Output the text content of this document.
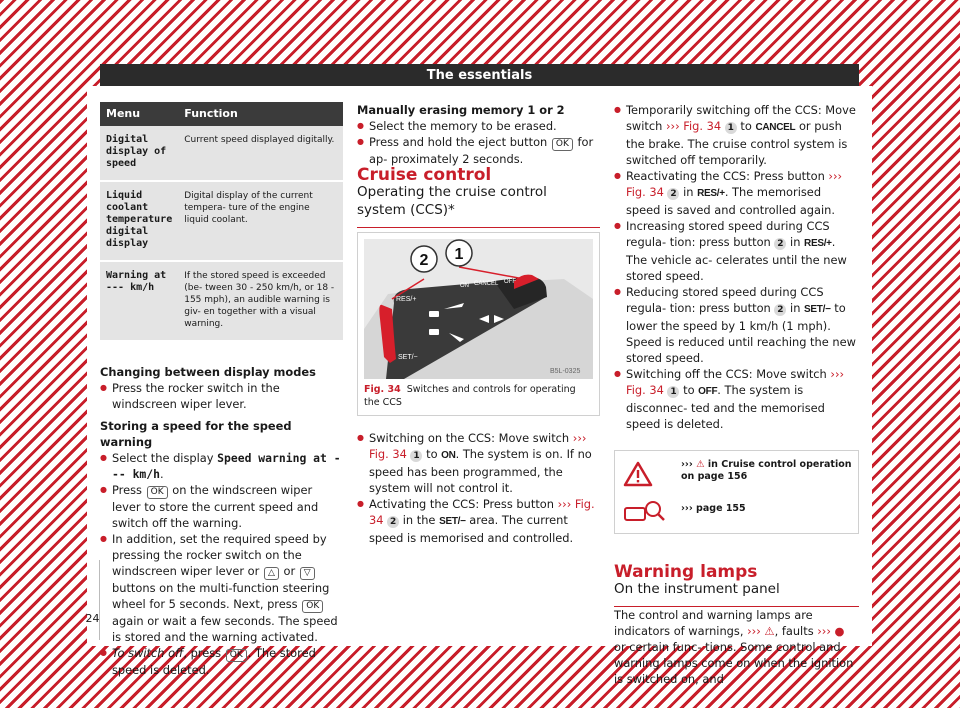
The essentials
Menu	Function
Digital display of speed	Current speed displayed digitally.
Liquid coolant temperature digital display	Digital display of the current tempera- ture of the engine liquid coolant.
Warning at --- km/h	If the stored speed is exceeded (be- tween 30 - 250 km/h, or 18 - 155 mph), an audible warning is giv- en together with a visual warning.

Changing between display modes

● Press the rocker switch in the windscreen wiper lever.

Storing a speed for the speed warning

● Select the display Speed warning at --- km/h.

● Press OK on the windscreen wiper lever to store the current speed and switch off the warning.

● In addition, set the required speed by pressing the rocker switch on the windscreen wiper lever or △ or ▽ buttons on the multi-function steering wheel for 5 seconds. Next, press OK again or wait a few seconds. The speed is stored and the warning activated.

● To switch off, press OK . The stored speed is deleted.

Manually erasing memory 1 or 2

● Select the memory to be erased.

● Press and hold the eject button OK for ap- proximately 2 seconds.

Cruise control

Operating the cruise control system (CCS)*

2 1
RES/+
SET/−
ON CANCEL OFF
B5L-0325

Fig. 34 Switches and controls for operating the CCS

● Switching on the CCS: Move switch ››› Fig. 34 1 to ON. The system is on. If no speed has been programmed, the system will not control it.

● Activating the CCS: Press button ››› Fig. 34 2 in the SET/− area. The current speed is memorised and controlled.

● Temporarily switching off the CCS: Move switch ››› Fig. 34 1 to CANCEL or push the brake. The cruise control system is switched off temporarily.

● Reactivating the CCS: Press button ››› Fig. 34 2 in RES/+. The memorised speed is saved and controlled again.

● Increasing stored speed during CCS regula- tion: press button 2 in RES/+. The vehicle ac- celerates until the new stored speed.

● Reducing stored speed during CCS regula- tion: press button 2 in SET/− to lower the speed by 1 km/h (1 mph). Speed is reduced until reaching the new stored speed.

● Switching off the CCS: Move switch ››› Fig. 34 1 to OFF. The system is disconnec- ted and the memorised speed is deleted.

››› ⚠ in Cruise control operation on page 156

››› page 155

Warning lamps

On the instrument panel

The control and warning lamps are indicators of warnings, ››› ⚠, faults ››› ● or certain func- tions. Some control and warning lamps come on when the ignition is switched on, and

24
